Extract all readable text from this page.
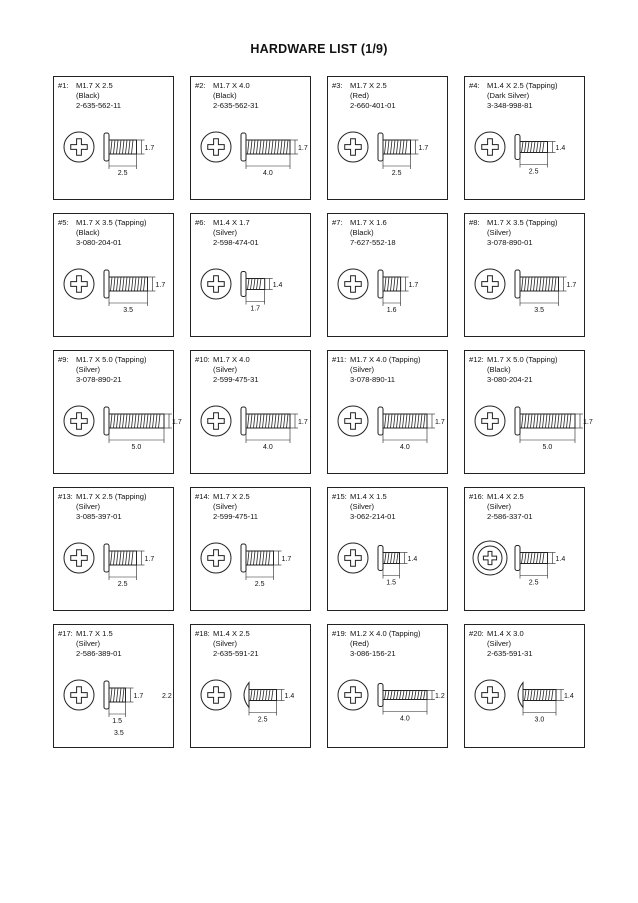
HARDWARE LIST (1/9)
#1: M1.7 X 2.5
(Black)
2-635-562-11
1.7
2.5
#2: M1.7 X 4.0
(Black)
2-635-562-31
1.7
4.0
#3: M1.7 X 2.5
(Red)
2-660-401-01
1.7
2.5
#4: M1.4 X 2.5 (Tapping)
(Dark Silver)
3-348-998-81
1.4
2.5
#5: M1.7 X 3.5 (Tapping)
(Black)
3-080-204-01
1.7
3.5
#6: M1.4 X 1.7
(Silver)
2-598-474-01
1.4
1.7
#7: M1.7 X 1.6
(Black)
7-627-552-18
1.7
1.6
#8: M1.7 X 3.5 (Tapping)
(Silver)
3-078-890-01
1.7
3.5
#9: M1.7 X 5.0 (Tapping)
(Silver)
3-078-890-21
1.7
5.0
#10: M1.7 X 4.0
(Silver)
2-599-475-31
1.7
4.0
#11: M1.7 X 4.0 (Tapping)
(Silver)
3-078-890-11
1.7
4.0
#12: M1.7 X 5.0 (Tapping)
(Black)
3-080-204-21
1.7
5.0
#13: M1.7 X 2.5 (Tapping)
(Silver)
3-085-397-01
1.7
2.5
#14: M1.7 X 2.5
(Silver)
2-599-475-11
1.7
2.5
#15: M1.4 X 1.5
(Silver)
3-062-214-01
1.4
1.5
#16: M1.4 X 2.5
(Silver)
2-586-337-01
1.4
2.5
#17: M1.7 X 1.5
(Silver)
2-586-389-01
1.7
1.5
2.2
3.5
#18: M1.4 X 2.5
(Silver)
2-635-591-21
1.4
2.5
#19: M1.2 X 4.0 (Tapping)
(Red)
3-086-156-21
1.2
4.0
#20: M1.4 X 3.0
(Silver)
2-635-591-31
1.4
3.0
